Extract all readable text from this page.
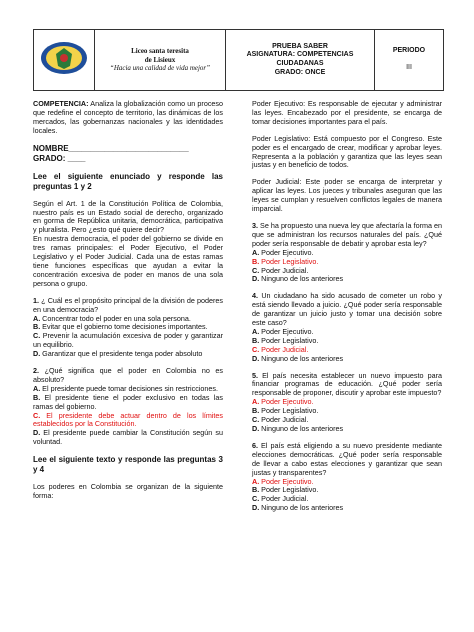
Liceo santa teresita
de Lisieux
“Hacia una calidad de vida mejor”

PRUEBA SABER
ASIGNATURA: COMPETENCIAS CIUDADANAS
GRADO: ONCE

PERIODO
III

COMPETENCIA: Analiza la globalización como un proceso que redefine el concepto de territorio, las dinámicas de los mercados, las gobernanzas nacionales y las identidades locales.

NOMBRE___________________________

GRADO: ____

Lee el siguiente enunciado y responde las preguntas 1 y 2

Según el Art. 1 de la Constitución Política de Colombia, nuestro país es un Estado social de derecho, organizado en gorma de República unitaria, democrática, participativa y pluralista. Pero ¿esto qué quiere decir?

En nuestra democracia, el poder del gobierno se divide en tres ramas principales: el Poder Ejecutivo, el Poder Legislativo y el Poder Judicial. Cada una de estas ramas tiene funciones específicas que ayudan a evitar la concentración excesiva de poder en manos de una sola persona o grupo.

1. ¿ Cuál es el propósito principal de la división de poderes en una democracia?
A. Concentrar todo el poder en una sola persona.
B. Evitar que el gobierno tome decisiones importantes.
C. Prevenir la acumulación excesiva de poder y garantizar un equilibrio.
D. Garantizar que el presidente tenga poder absoluto
2. ¿Qué significa que el poder en Colombia no es absoluto?
A. El presidente puede tomar decisiones sin restricciones.
B. El presidente tiene el poder exclusivo en todas las ramas del gobierno.
C. El presidente debe actuar dentro de los límites establecidos por la Constitución.
D. El presidente puede cambiar la Constitución según su voluntad.

Lee el siguiente texto y responde las preguntas 3 y 4

Los poderes en Colombia se organizan de la siguiente forma:

Poder Ejecutivo: Es responsable de ejecutar y administrar las leyes. Encabezado por el presidente, se encarga de tomar decisiones importantes para el país.

Poder Legislativo: Está compuesto por el Congreso. Este poder es el encargado de crear, modificar y aprobar leyes. Representa a la población y garantiza que las leyes sean justas y en beneficio de todos.

Poder Judicial: Este poder se encarga de interpretar y aplicar las leyes. Los jueces y tribunales aseguran que las leyes se cumplan y resuelven conflictos legales de manera imparcial.

3. Se ha propuesto una nueva ley que afectaría la forma en que se administran los recursos naturales del país. ¿Qué poder sería responsable de debatir y aprobar esta ley?
A. Poder Ejecutivo.
B. Poder Legislativo.
C. Poder Judicial.
D. Ninguno de los anteriores
4. Un ciudadano ha sido acusado de cometer un robo y está siendo llevado a juicio. ¿Qué poder sería responsable de garantizar un juicio justo y tomar una decisión sobre este caso?
A. Poder Ejecutivo.
B. Poder Legislativo.
C. Poder Judicial.
D. Ninguno de los anteriores
5. El país necesita establecer un nuevo impuesto para financiar programas de educación. ¿Qué poder sería responsable de proponer, discutir y aprobar este impuesto?
A. Poder Ejecutivo.
B. Poder Legislativo.
C. Poder Judicial.
D. Ninguno de los anteriores
6. El país está eligiendo a su nuevo presidente mediante elecciones democráticas. ¿Qué poder sería responsable de llevar a cabo estas elecciones y garantizar que sean justas y transparentes?
A. Poder Ejecutivo.
B. Poder Legislativo.
C. Poder Judicial.
D. Ninguno de los anteriores
